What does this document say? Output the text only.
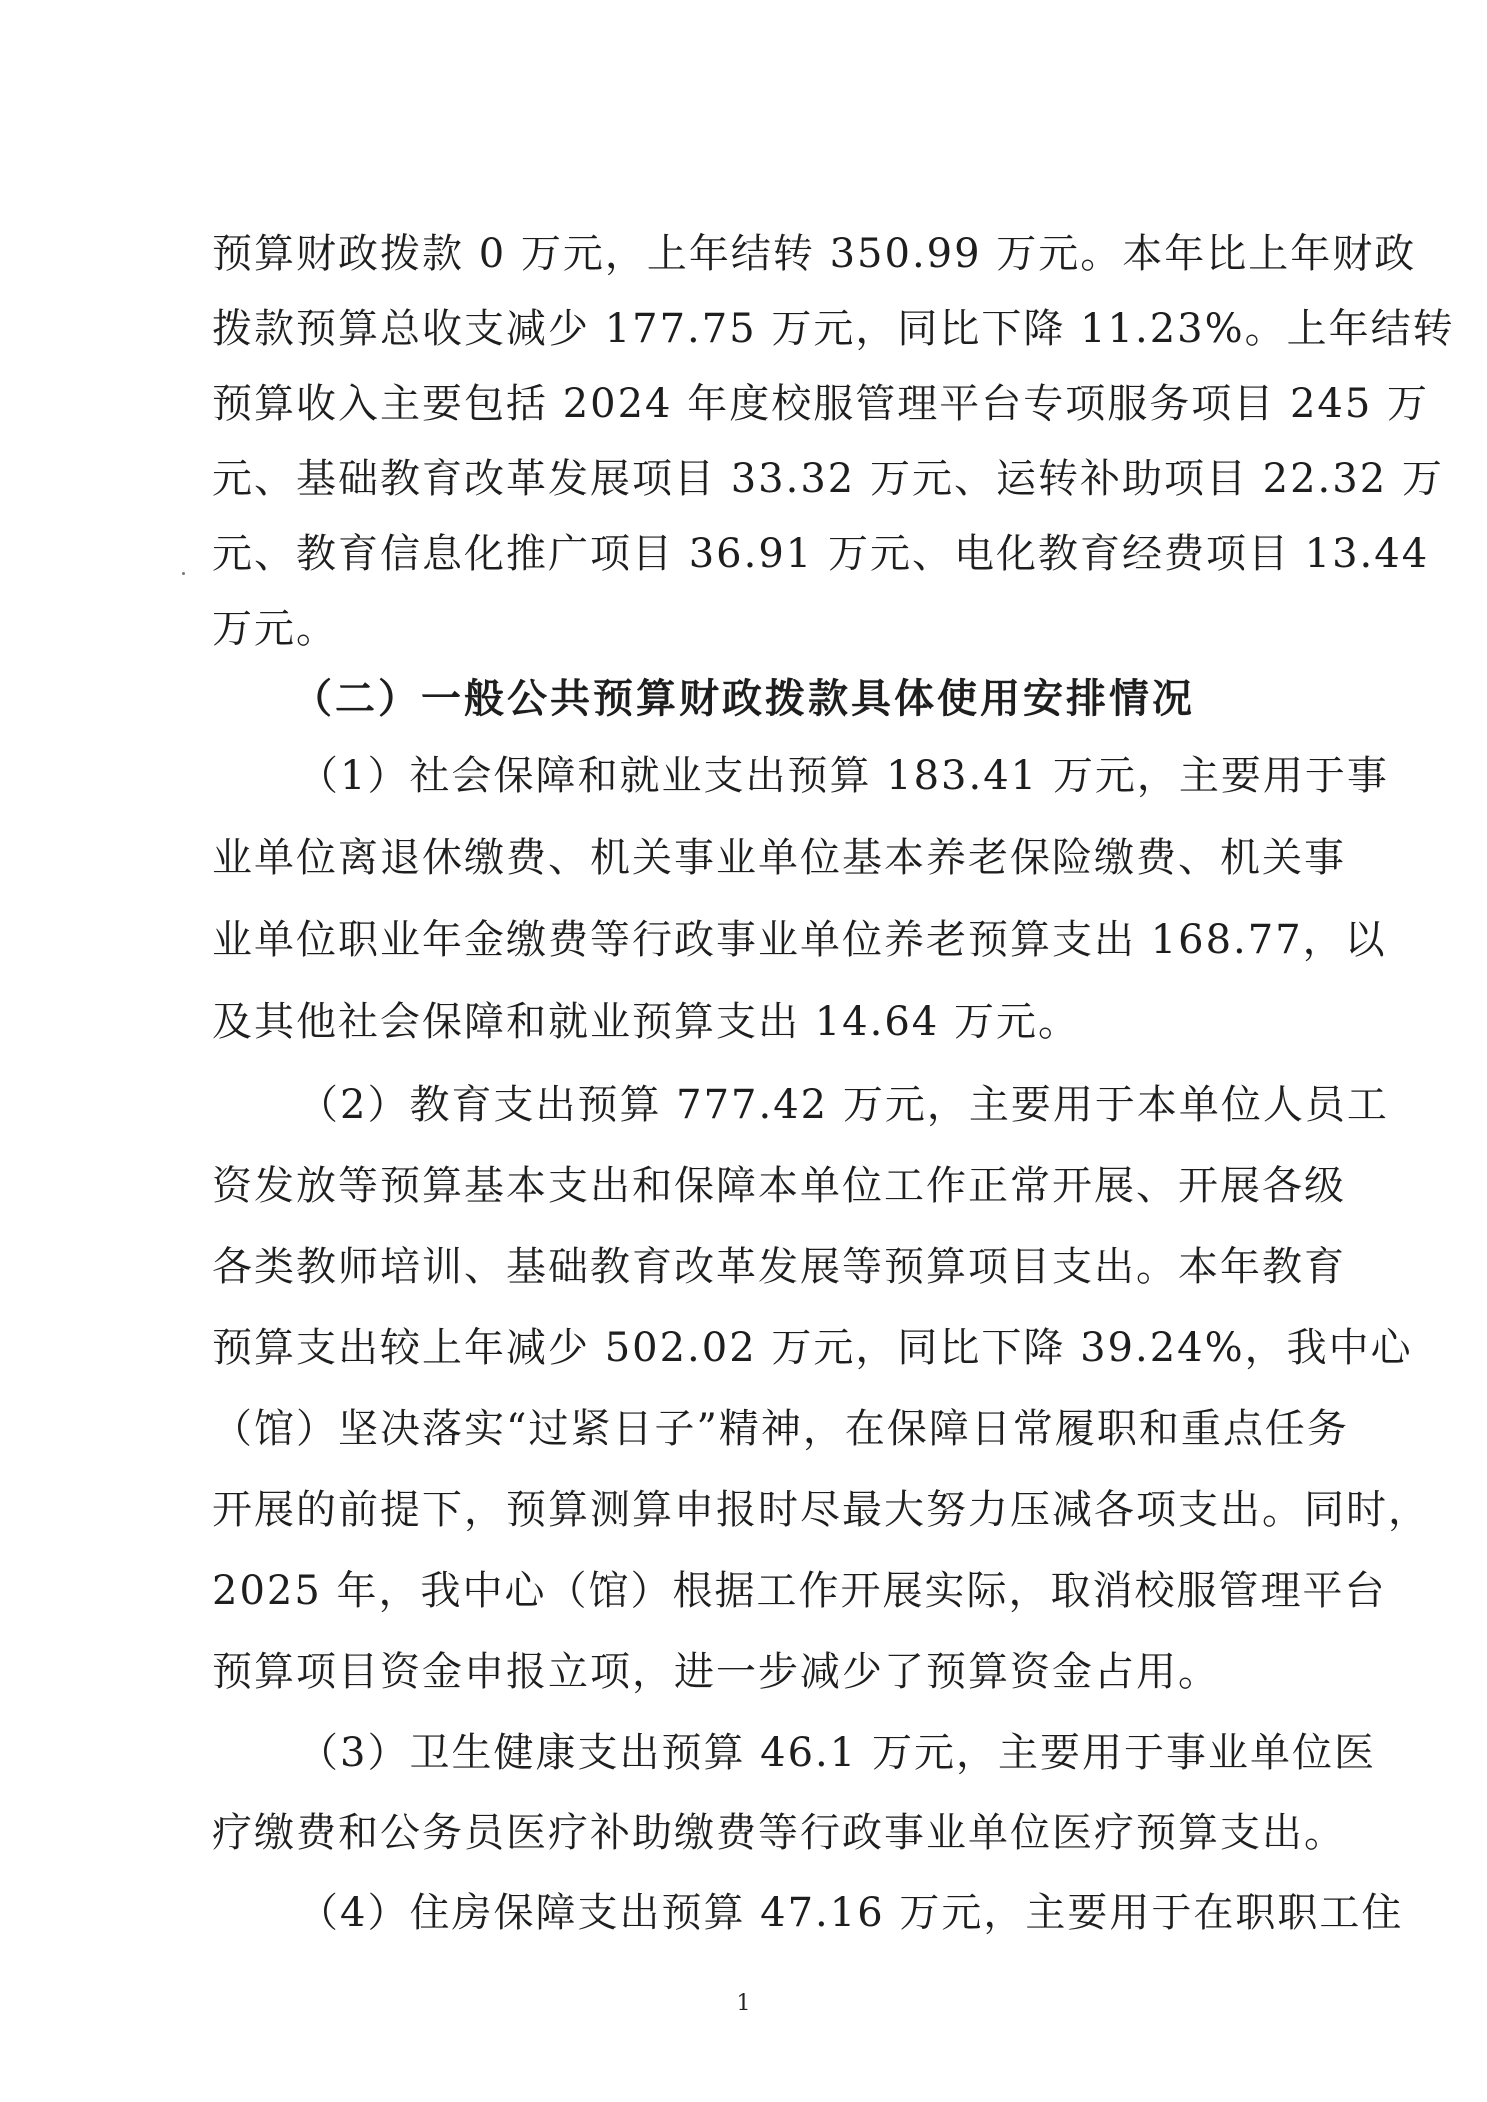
预算财政拨款 0 万元，上年结转 350.99 万元。本年比上年财政
拨款预算总收支减少 177.75 万元，同比下降 11.23%。上年结转
预算收入主要包括 2024 年度校服管理平台专项服务项目 245 万
元、基础教育改革发展项目 33.32 万元、运转补助项目 22.32 万
元、教育信息化推广项目 36.91 万元、电化教育经费项目 13.44
万元。
（二）一般公共预算财政拨款具体使用安排情况
（1）社会保障和就业支出预算 183.41 万元，主要用于事
业单位离退休缴费、机关事业单位基本养老保险缴费、机关事
业单位职业年金缴费等行政事业单位养老预算支出 168.77，以
及其他社会保障和就业预算支出 14.64 万元。
（2）教育支出预算 777.42 万元，主要用于本单位人员工
资发放等预算基本支出和保障本单位工作正常开展、开展各级
各类教师培训、基础教育改革发展等预算项目支出。本年教育
预算支出较上年减少 502.02 万元，同比下降 39.24%，我中心
（馆）坚决落实“过紧日子”精神，在保障日常履职和重点任务
开展的前提下，预算测算申报时尽最大努力压减各项支出。同时，
2025 年，我中心（馆）根据工作开展实际，取消校服管理平台
预算项目资金申报立项，进一步减少了预算资金占用。
（3）卫生健康支出预算 46.1 万元，主要用于事业单位医
疗缴费和公务员医疗补助缴费等行政事业单位医疗预算支出。
（4）住房保障支出预算 47.16 万元，主要用于在职职工住
1
